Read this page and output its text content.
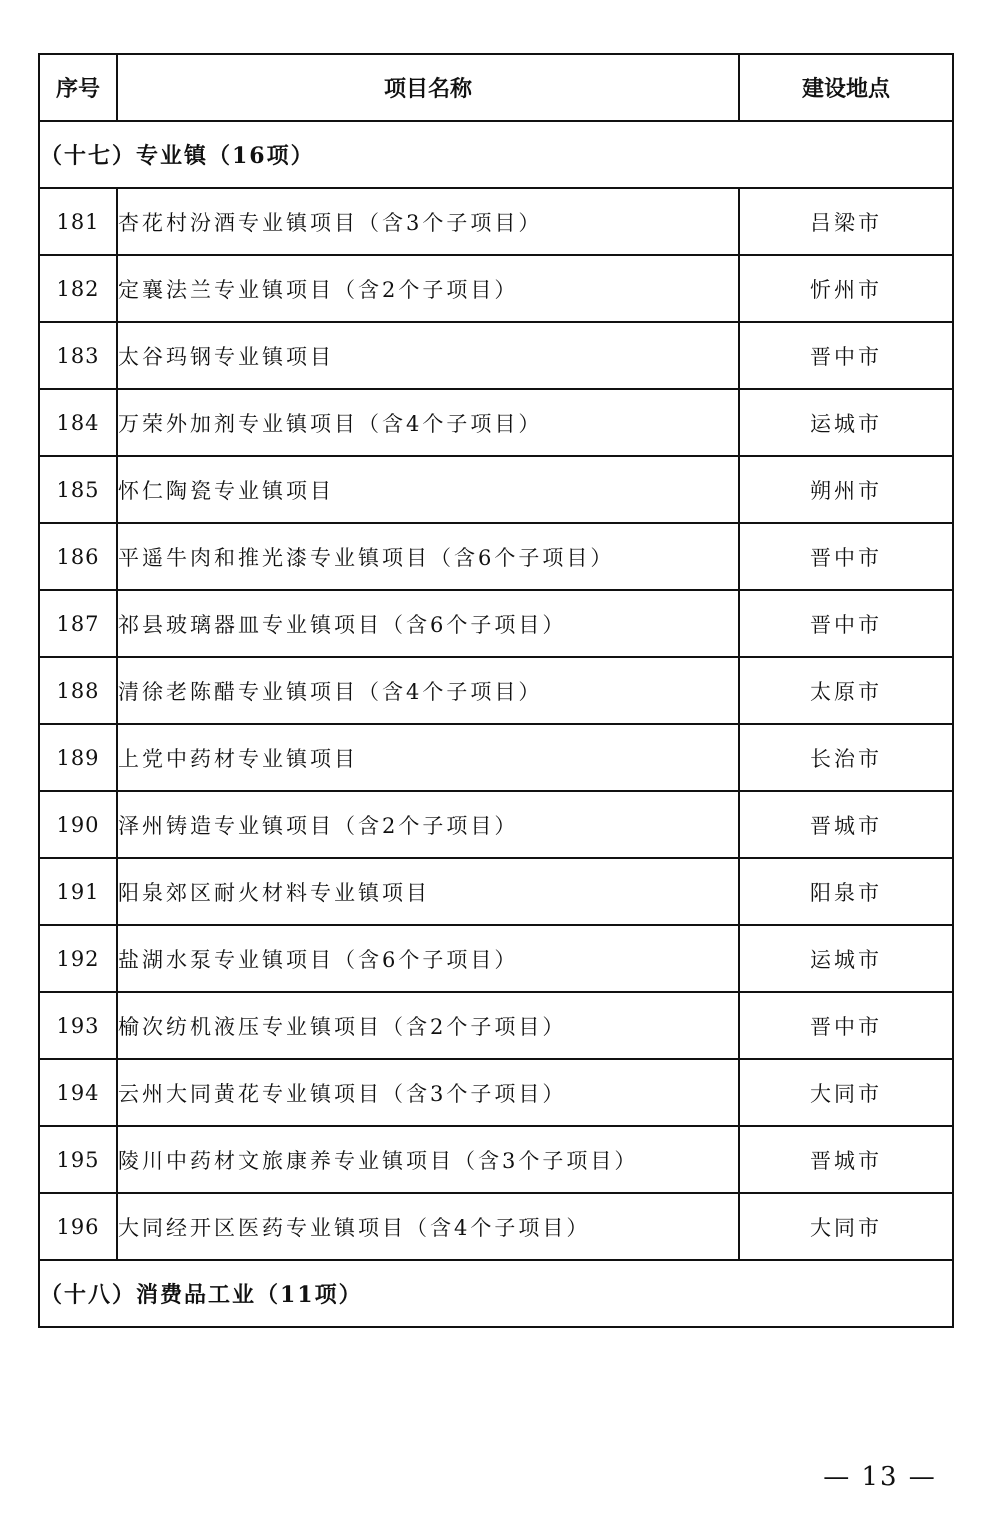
序号	项目名称	建设地点
（十七）专业镇（16项）		
181	杏花村汾酒专业镇项目（含3个子项目）	吕梁市
182	定襄法兰专业镇项目（含2个子项目）	忻州市
183	太谷玛钢专业镇项目	晋中市
184	万荣外加剂专业镇项目（含4个子项目）	运城市
185	怀仁陶瓷专业镇项目	朔州市
186	平遥牛肉和推光漆专业镇项目（含6个子项目）	晋中市
187	祁县玻璃器皿专业镇项目（含6个子项目）	晋中市
188	清徐老陈醋专业镇项目（含4个子项目）	太原市
189	上党中药材专业镇项目	长治市
190	泽州铸造专业镇项目（含2个子项目）	晋城市
191	阳泉郊区耐火材料专业镇项目	阳泉市
192	盐湖水泵专业镇项目（含6个子项目）	运城市
193	榆次纺机液压专业镇项目（含2个子项目）	晋中市
194	云州大同黄花专业镇项目（含3个子项目）	大同市
195	陵川中药材文旅康养专业镇项目（含3个子项目）	晋城市
196	大同经开区医药专业镇项目（含4个子项目）	大同市
（十八）消费品工业（11项）		
— 13 —
